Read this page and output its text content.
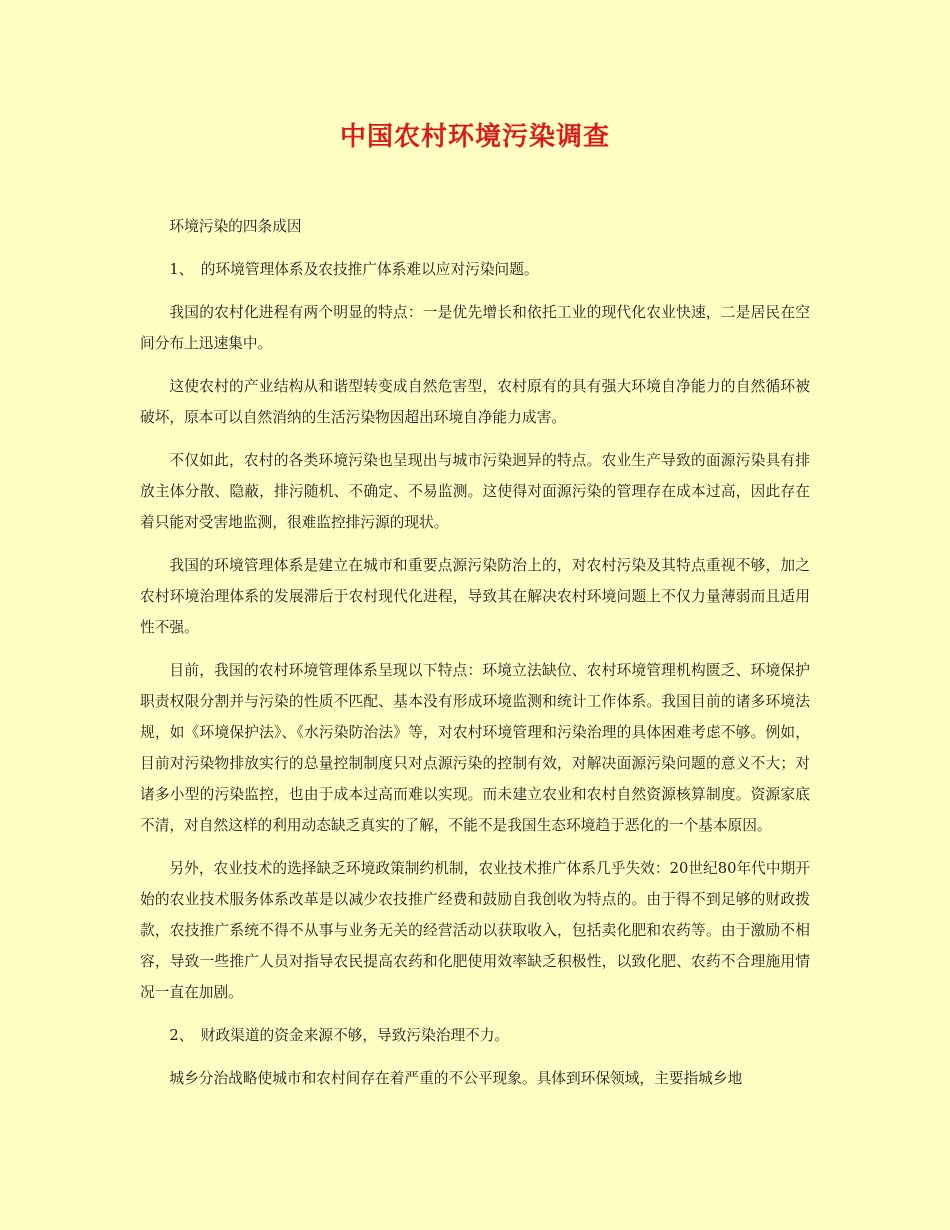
中国农村环境污染调查

环境污染的四条成因

1、　的环境管理体系及农技推广体系难以应对污染问题。

我国的农村化进程有两个明显的特点：一是优先增长和依托工业的现代化农业快速，二是居民在空间分布上迅速集中。

这使农村的产业结构从和谐型转变成自然危害型，农村原有的具有强大环境自净能力的自然循环被破坏，原本可以自然消纳的生活污染物因超出环境自净能力成害。

不仅如此，农村的各类环境污染也呈现出与城市污染迥异的特点。农业生产导致的面源污染具有排放主体分散、隐蔽，排污随机、不确定、不易监测。这使得对面源污染的管理存在成本过高，因此存在着只能对受害地监测，很难监控排污源的现状。

我国的环境管理体系是建立在城市和重要点源污染防治上的，对农村污染及其特点重视不够，加之农村环境治理体系的发展滞后于农村现代化进程，导致其在解决农村环境问题上不仅力量薄弱而且适用性不强。

目前，我国的农村环境管理体系呈现以下特点：环境立法缺位、农村环境管理机构匮乏、环境保护职责权限分割并与污染的性质不匹配、基本没有形成环境监测和统计工作体系。我国目前的诸多环境法规，如《环境保护法》、《水污染防治法》等，对农村环境管理和污染治理的具体困难考虑不够。例如，目前对污染物排放实行的总量控制制度只对点源污染的控制有效，对解决面源污染问题的意义不大；对诸多小型的污染监控，也由于成本过高而难以实现。而未建立农业和农村自然资源核算制度。资源家底不清，对自然这样的利用动态缺乏真实的了解，不能不是我国生态环境趋于恶化的一个基本原因。

另外，农业技术的选择缺乏环境政策制约机制，农业技术推广体系几乎失效：20世纪80年代中期开始的农业技术服务体系改革是以减少农技推广经费和鼓励自我创收为特点的。由于得不到足够的财政拨款，农技推广系统不得不从事与业务无关的经营活动以获取收入，包括卖化肥和农药等。由于激励不相容，导致一些推广人员对指导农民提高农药和化肥使用效率缺乏积极性，以致化肥、农药不合理施用情况一直在加剧。

2、　财政渠道的资金来源不够，导致污染治理不力。

城乡分治战略使城市和农村间存在着严重的不公平现象。具体到环保领域，主要指城乡地
